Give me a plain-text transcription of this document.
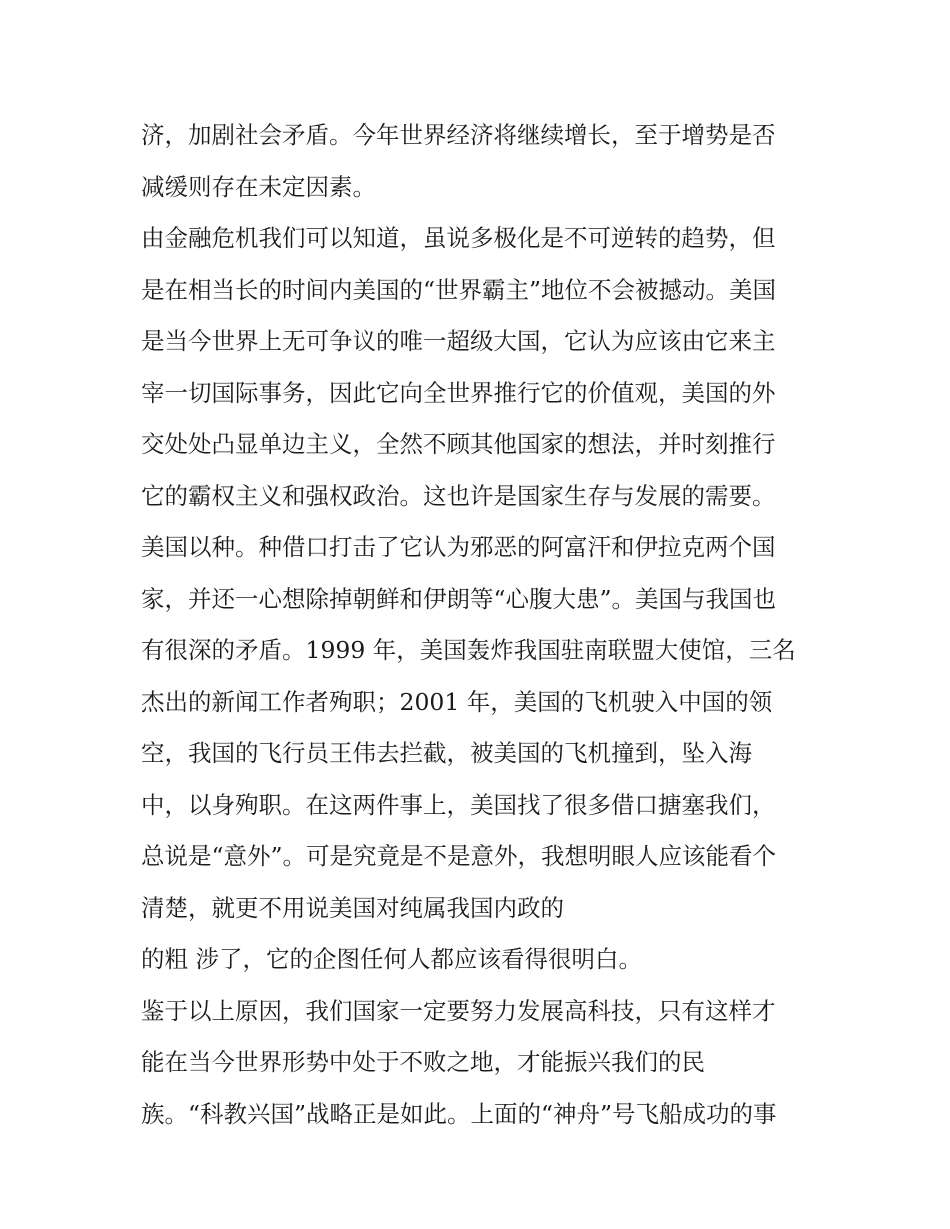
济，加剧社会矛盾。今年世界经济将继续增长，至于增势是否
减缓则存在未定因素。
由金融危机我们可以知道，虽说多极化是不可逆转的趋势，但
是在相当长的时间内美国的“世界霸主”地位不会被撼动。美国
是当今世界上无可争议的唯一超级大国，它认为应该由它来主
宰一切国际事务，因此它向全世界推行它的价值观，美国的外
交处处凸显单边主义，全然不顾其他国家的想法，并时刻推行
它的霸权主义和强权政治。这也许是国家生存与发展的需要。
美国以种。种借口打击了它认为邪恶的阿富汗和伊拉克两个国
家，并还一心想除掉朝鲜和伊朗等“心腹大患”。美国与我国也
有很深的矛盾。1999 年，美国轰炸我国驻南联盟大使馆，三名
杰出的新闻工作者殉职；2001 年，美国的飞机驶入中国的领
空，我国的飞行员王伟去拦截，被美国的飞机撞到，坠入海
中，以身殉职。在这两件事上，美国找了很多借口搪塞我们，
总说是“意外”。可是究竟是不是意外，我想明眼人应该能看个
清楚，就更不用说美国对纯属我国内政的
的粗 涉了，它的企图任何人都应该看得很明白。
鉴于以上原因，我们国家一定要努力发展高科技，只有这样才
能在当今世界形势中处于不败之地，才能振兴我们的民
族。“科教兴国”战略正是如此。上面的“神舟”号飞船成功的事
